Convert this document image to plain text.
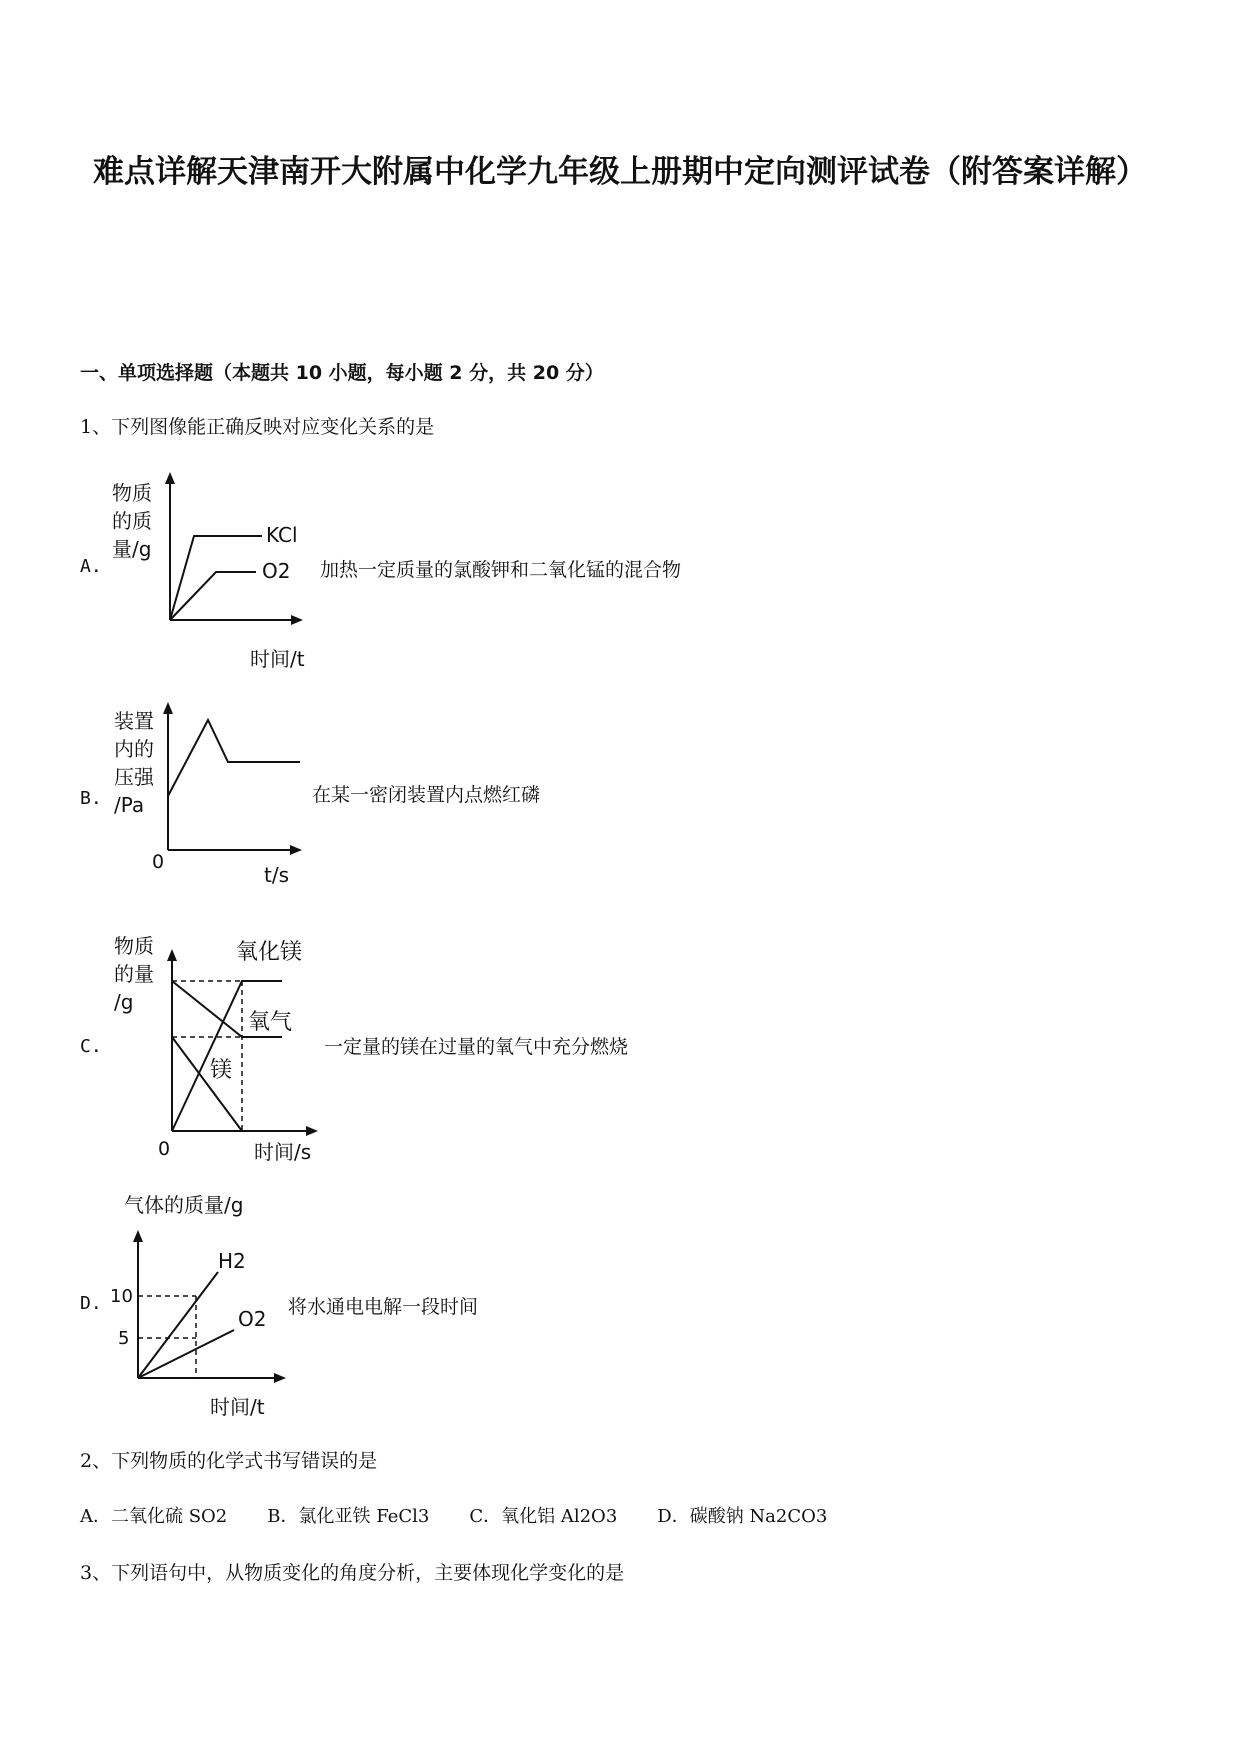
难点详解天津南开大附属中化学九年级上册期中定向测评试卷（附答案详解）
一、单项选择题（本题共 10 小题，每小题 2 分，共 20 分）
1、下列图像能正确反映对应变化关系的是
A.
物质
的质
量/g
KCl
O2
时间/t
加热一定质量的氯酸钾和二氧化锰的混合物
B.
装置
内的
压强
/Pa
0
t/s
在某一密闭装置内点燃红磷
C.
物质
的量
/g
氧化镁
氧气
镁
0	时间/s
一定量的镁在过量的氧气中充分燃烧
D.
气体的质量/g
10
5
H2
O2
时间/t
将水通电电解一段时间
2、下列物质的化学式书写错误的是
A．二氧化硫 SO2 B．氯化亚铁 FeCl3 C．氧化铝 Al2O3 D．碳酸钠 Na2CO3
3、下列语句中，从物质变化的角度分析，主要体现化学变化的是
